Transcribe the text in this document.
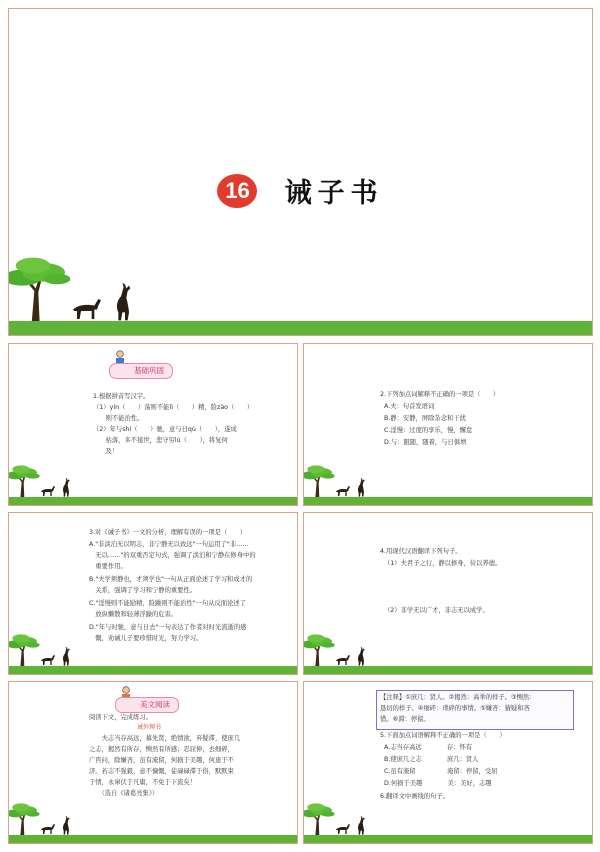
16 诫子书
基础巩固
1.根据拼音写汉字。
（1）yín（　　）荡则不能lì（　　）精，险zào（　　）
　　则不能治性。
（2）年与shí（　　）驰，意与日qù（　　），遂成
　　枯落，多不接世，悲守穷lú（　　），将复何
　　及！
2.下列加点词解释不正确的一项是（　　）
A.夫：句首发语词
B.静：安静，屏除杂念和干扰
C.淫慢：过度的享乐，慢，懈怠
D.与：跟随，随着，与日俱增
3.对《诫子书》一文的分析，理解有误的一项是（　　）
A."非淡泊无以明志，非宁静无以致远"一句运用了"非……
　无以……"的双重否定句式，强调了淡泊和宁静在修身中的
　重要作用。
B."夫学须静也，才须学也"一句从正面论述了学习和成才的
　关系，强调了学习和宁静的重要性。
C."淫慢则不能励精，险躁则不能治性"一句从反面论述了
　放纵懒散和轻薄浮躁的危害。
D."年与时驰，意与日去"一句表达了作者对时光流逝的感
　慨，劝诫儿子要珍惜时光，努力学习。
4.用现代汉语翻译下列句子。
（1）夫君子之行，静以修身，俭以养德。
（2）非学无以广才，非志无以成学。
美文阅读
阅读下文，完成练习。
诫外甥书
　　夫志当存高远，慕先贤，绝情欲，弃疑滞，使庶几
之志，揭然有所存，恻然有所感；忍屈伸，去细碎，
广咨问，除嫌吝，虽有淹留，何损于美趣，何患于不
济。若志不强毅，意不慷慨，徒碌碌滞于俗，默默束
于情，永窜伏于凡庸，不免于下流矣！
　　（选自《诸葛亮集》）
【注释】①庶几：贤人。②揭然：高举的样子。③恻然：
恳切的样子。④细碎：琐碎的事情。⑤嫌吝：猜疑和吝
惜。⑥滞：停留。
5.下面加点词语解释不正确的一项是（　　）
A.志当存高远　　　　存：怀有
B.使庶几之志　　　　庶几：贤人
C.虽有淹留　　　　　淹留：停留，受屈
D.何损于美趣　　　　美：美好，志趣
6.翻译文中画线的句子。
